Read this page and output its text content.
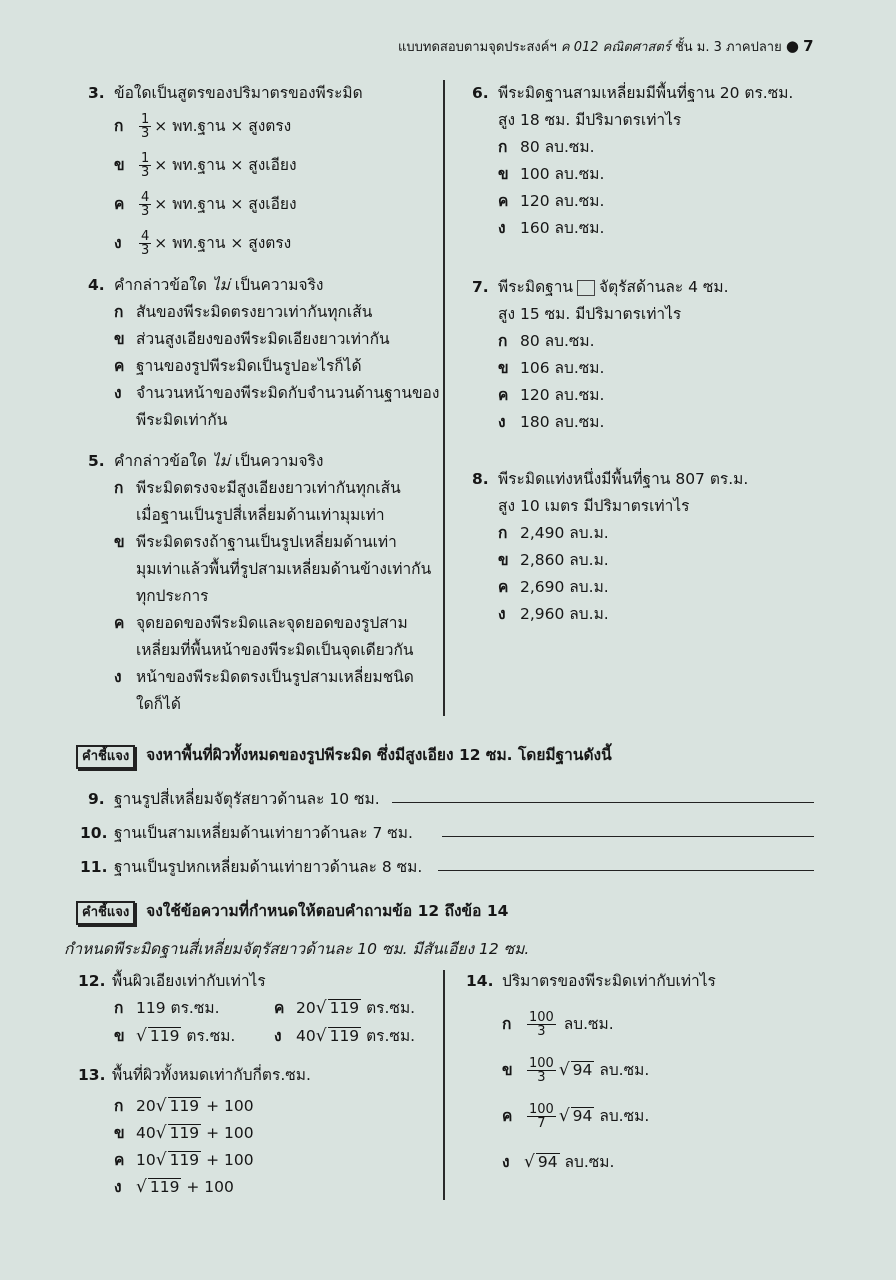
แบบทดสอบตามจุดประสงค์ฯ ค 012 คณิตศาสตร์ ชั้น ม. 3 ภาคปลาย ● 7
3. ข้อใดเป็นสูตรของปริมาตรของพีระมิด
ก $\frac{1}{3}$ × พท.ฐาน × สูงตรง
ข $\frac{1}{3}$ × พท.ฐาน × สูงเอียง
ค $\frac{4}{3}$ × พท.ฐาน × สูงเอียง
ง $\frac{4}{3}$ × พท.ฐาน × สูงตรง
4. คำกล่าวข้อใด ไม่ เป็นความจริง
ก สันของพีระมิดตรงยาวเท่ากันทุกเส้น
ข ส่วนสูงเอียงของพีระมิดเอียงยาวเท่ากัน
ค ฐานของรูปพีระมิดเป็นรูปอะไรก็ได้
ง จำนวนหน้าของพีระมิดกับจำนวนด้านฐานของ
พีระมิดเท่ากัน
5. คำกล่าวข้อใด ไม่ เป็นความจริง
ก พีระมิดตรงจะมีสูงเอียงยาวเท่ากันทุกเส้น
เมื่อฐานเป็นรูปสี่เหลี่ยมด้านเท่ามุมเท่า
ข พีระมิดตรงถ้าฐานเป็นรูปเหลี่ยมด้านเท่า
มุมเท่าแล้วพื้นที่รูปสามเหลี่ยมด้านข้างเท่ากัน
ทุกประการ
ค จุดยอดของพีระมิดและจุดยอดของรูปสาม
เหลี่ยมที่พื้นหน้าของพีระมิดเป็นจุดเดียวกัน
ง หน้าของพีระมิดตรงเป็นรูปสามเหลี่ยมชนิด
ใดก็ได้
6. พีระมิดฐานสามเหลี่ยมมีพื้นที่ฐาน 20 ตร.ซม.
สูง 18 ซม. มีปริมาตรเท่าไร
ก 80 ลบ.ซม.
ข 100 ลบ.ซม.
ค 120 ลบ.ซม.
ง 160 ลบ.ซม.
7. พีระมิดฐาน จัตุรัสด้านละ 4 ซม.
สูง 15 ซม. มีปริมาตรเท่าไร
ก 80 ลบ.ซม.
ข 106 ลบ.ซม.
ค 120 ลบ.ซม.
ง 180 ลบ.ซม.
8. พีระมิดแท่งหนึ่งมีพื้นที่ฐาน 807 ตร.ม.
สูง 10 เมตร มีปริมาตรเท่าไร
ก 2,490 ลบ.ม.
ข 2,860 ลบ.ม.
ค 2,690 ลบ.ม.
ง 2,960 ลบ.ม.
คำชี้แจง จงหาพื้นที่ผิวทั้งหมดของรูปพีระมิด ซึ่งมีสูงเอียง 12 ซม. โดยมีฐานดังนี้
9. ฐานรูปสี่เหลี่ยมจัตุรัสยาวด้านละ 10 ซม.
10. ฐานเป็นสามเหลี่ยมด้านเท่ายาวด้านละ 7 ซม.
11. ฐานเป็นรูปหกเหลี่ยมด้านเท่ายาวด้านละ 8 ซม.
คำชี้แจง จงใช้ข้อความที่กำหนดให้ตอบคำถามข้อ 12 ถึงข้อ 14
กำหนดพีระมิดฐานสี่เหลี่ยมจัตุรัสยาวด้านละ 10 ซม. มีสันเอียง 12 ซม.
12. พื้นผิวเอียงเท่ากับเท่าไร
ก 119 ตร.ซม.	ค 20√ 119 ตร.ซม.
ข √ 119 ตร.ซม. ง 40√ 119 ตร.ซม.
13. พื้นที่ผิวทั้งหมดเท่ากับกี่ตร.ซม.
ก 20√ 119 + 100
ข 40√ 119 + 100
ค 10√ 119 + 100
ง √ 119 + 100
14. ปริมาตรของพีระมิดเท่ากับเท่าไร
ก $\frac{100}{3}$ ลบ.ซม.
ข $\frac{100}{3}$ √ 94 ลบ.ซม.
ค $\frac{100}{7}$ √ 94 ลบ.ซม.
ง √ 94 ลบ.ซม.
